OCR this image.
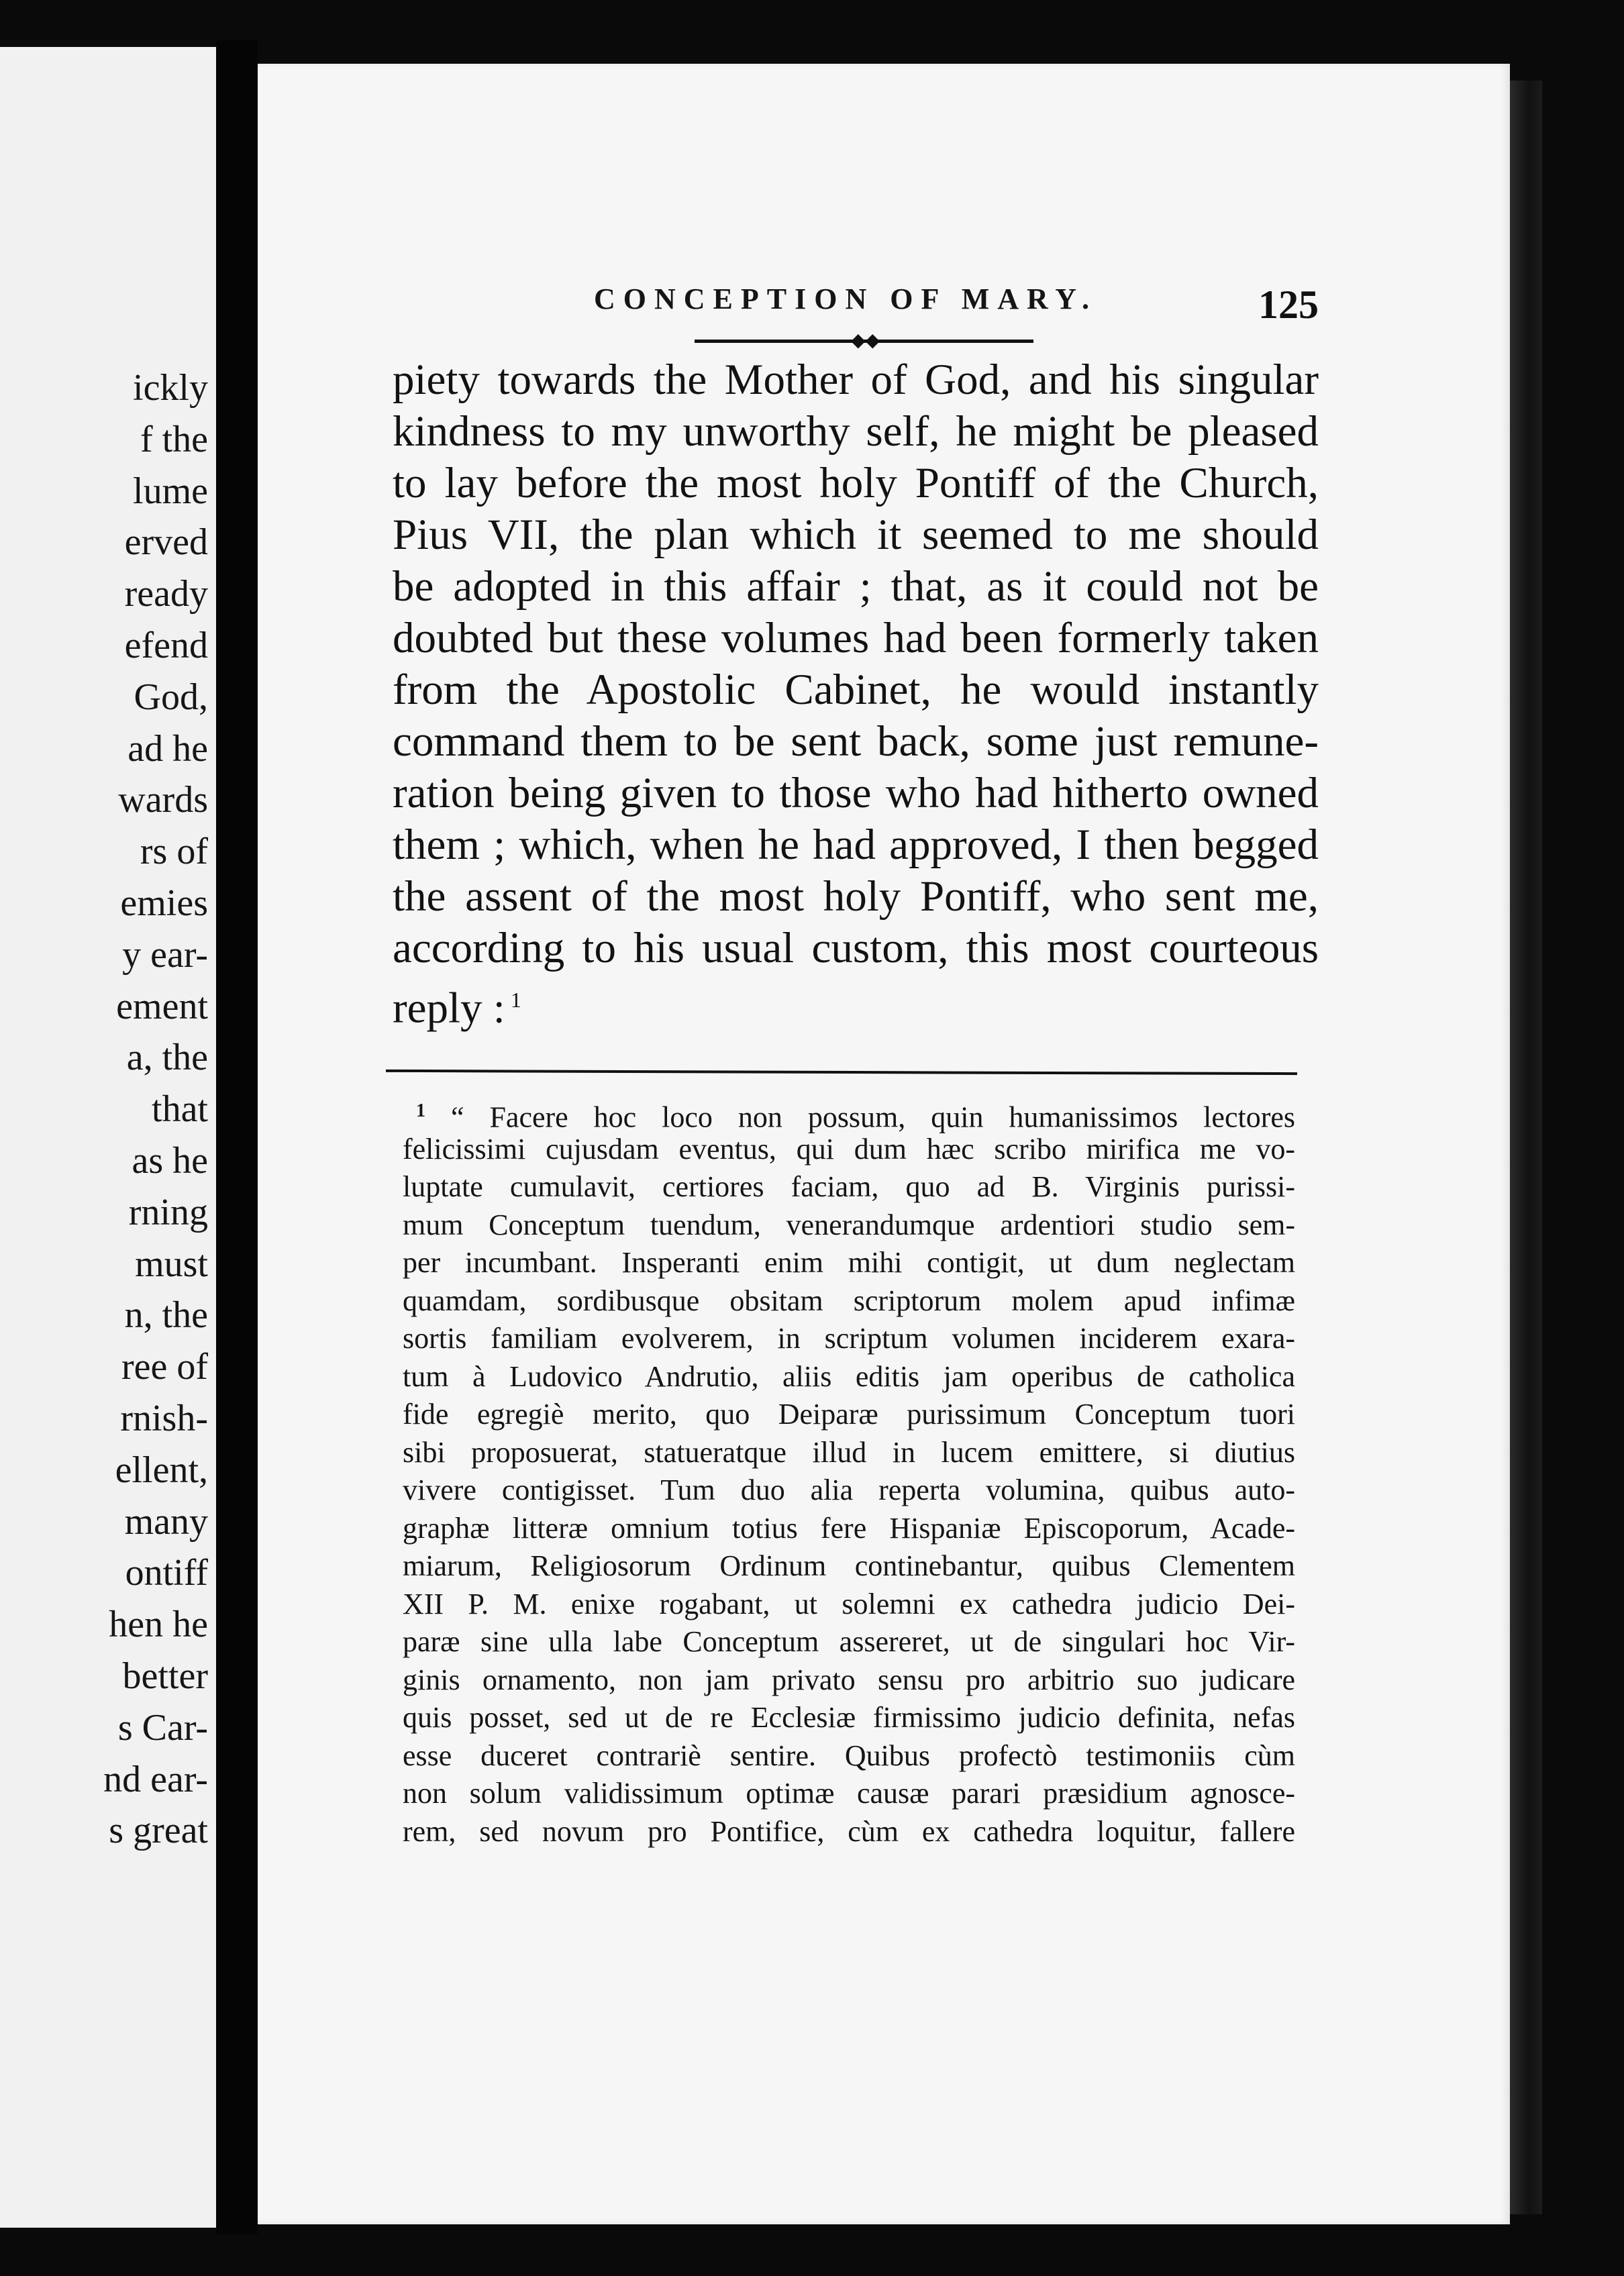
ickly
f the
lume
erved
ready
efend
God,
ad he
wards
rs of
emies
y ear-
ement
a, the
that
as he
rning
must
n, the
ree of
rnish-
ellent,
many
ontiff
hen he
better
s Car-
nd ear-
s great
CONCEPTION OF MARY.	125
◆◆
piety towards the Mother of God, and his singular
kindness to my unworthy self, he might be pleased
to lay before the most holy Pontiff of the Church,
Pius VII, the plan which it seemed to me should
be adopted in this affair ; that, as it could not be
doubted but these volumes had been formerly taken
from the Apostolic Cabinet, he would instantly
command them to be sent back, some just remune-
ration being given to those who had hitherto owned
them ; which, when he had approved, I then begged
the assent of the most holy Pontiff, who sent me,
according to his usual custom, this most courteous
reply : $^1$
$^1$ “ Facere hoc loco non possum, quin humanissimos lectores
felicissimi cujusdam eventus, qui dum hæc scribo mirifica me vo-
luptate cumulavit, certiores faciam, quo ad B. Virginis purissi-
mum Conceptum tuendum, venerandumque ardentiori studio sem-
per incumbant. Insperanti enim mihi contigit, ut dum neglectam
quamdam, sordibusque obsitam scriptorum molem apud infimæ
sortis familiam evolverem, in scriptum volumen inciderem exara-
tum à Ludovico Andrutio, aliis editis jam operibus de catholica
fide egregiè merito, quo Deiparæ purissimum Conceptum tuori
sibi proposuerat, statueratque illud in lucem emittere, si diutius
vivere contigisset. Tum duo alia reperta volumina, quibus auto-
graphæ litteræ omnium totius fere Hispaniæ Episcoporum, Acade-
miarum, Religiosorum Ordinum continebantur, quibus Clementem
XII P. M. enixe rogabant, ut solemni ex cathedra judicio Dei-
paræ sine ulla labe Conceptum assereret, ut de singulari hoc Vir-
ginis ornamento, non jam privato sensu pro arbitrio suo judicare
quis posset, sed ut de re Ecclesiæ firmissimo judicio definita, nefas
esse duceret contrariè sentire. Quibus profectò testimoniis cùm
non solum validissimum optimæ causæ parari præsidium agnosce-
rem, sed novum pro Pontifice, cùm ex cathedra loquitur, fallere
